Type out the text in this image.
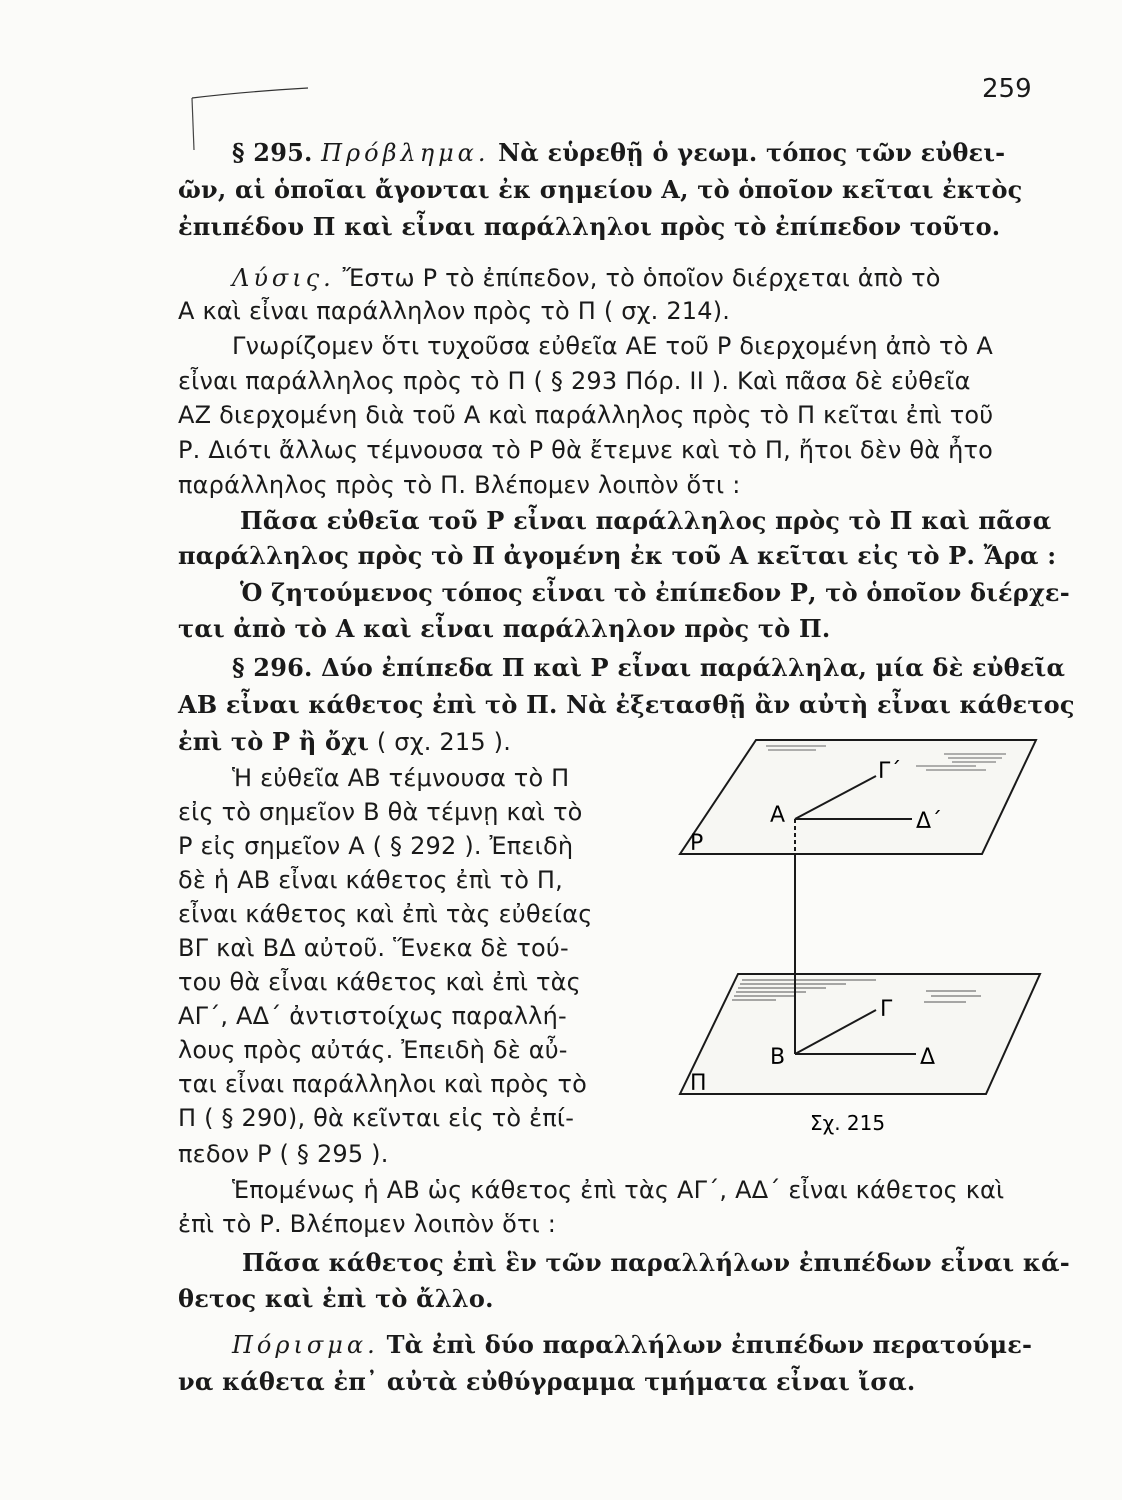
259
§ 295. Πρόβλημα. Νὰ εὑρεθῇ ὁ γεωμ. τόπος τῶν εὐθει-
ῶν, αἱ ὁποῖαι ἄγονται ἐκ σημείου Α, τὸ ὁποῖον κεῖται ἐκτὸς
ἐπιπέδου Π καὶ εἶναι παράλληλοι πρὸς τὸ ἐπίπεδον τοῦτο.
Λύσις. Ἔστω Ρ τὸ ἐπίπεδον, τὸ ὁποῖον διέρχεται ἀπὸ τὸ
Α καὶ εἶναι παράλληλον πρὸς τὸ Π ( σχ. 214).
Γνωρίζομεν ὅτι τυχοῦσα εὐθεῖα ΑΕ τοῦ Ρ διερχομένη ἀπὸ τὸ Α
εἶναι παράλληλος πρὸς τὸ Π ( § 293 Πόρ. ΙΙ ). Καὶ πᾶσα δὲ εὐθεῖα
ΑΖ διερχομένη διὰ τοῦ Α καὶ παράλληλος πρὸς τὸ Π κεῖται ἐπὶ τοῦ
Ρ. Διότι ἄλλως τέμνουσα τὸ Ρ θὰ ἔτεμνε καὶ τὸ Π, ἤτοι δὲν θὰ ἦτο
παράλληλος πρὸς τὸ Π. Βλέπομεν λοιπὸν ὅτι :
Πᾶσα εὐθεῖα τοῦ Ρ εἶναι παράλληλος πρὸς τὸ Π καὶ πᾶσα
παράλληλος πρὸς τὸ Π ἀγομένη ἐκ τοῦ Α κεῖται εἰς τὸ Ρ. Ἄρα :
Ὁ ζητούμενος τόπος εἶναι τὸ ἐπίπεδον Ρ, τὸ ὁποῖον διέρχε-
ται ἀπὸ τὸ Α καὶ εἶναι παράλληλον πρὸς τὸ Π.
§ 296. Δύο ἐπίπεδα Π καὶ Ρ εἶναι παράλληλα, μία δὲ εὐθεῖα
ΑΒ εἶναι κάθετος ἐπὶ τὸ Π. Νὰ ἐξετασθῇ ἂν αὐτὴ εἶναι κάθετος
ἐπὶ τὸ Ρ ἢ ὄχι ( σχ. 215 ).
Ἡ εὐθεῖα ΑΒ τέμνουσα τὸ Π
εἰς τὸ σημεῖον Β θὰ τέμνῃ καὶ τὸ
Ρ εἰς σημεῖον Α ( § 292 ). Ἐπειδὴ
δὲ ἡ ΑΒ εἶναι κάθετος ἐπὶ τὸ Π,
εἶναι κάθετος καὶ ἐπὶ τὰς εὐθείας
ΒΓ καὶ ΒΔ αὐτοῦ. Ἕνεκα δὲ τού-
του θὰ εἶναι κάθετος καὶ ἐπὶ τὰς
ΑΓ΄, ΑΔ΄ ἀντιστοίχως παραλλή-
λους πρὸς αὐτάς. Ἐπειδὴ δὲ αὖ-
ται εἶναι παράλληλοι καὶ πρὸς τὸ
Π ( § 290), θὰ κεῖνται εἰς τὸ ἐπί-
πεδον Ρ ( § 295 ).
Ρ
Α
Γ΄
Δ΄
Π
Β
Γ
Δ
Σχ. 215
Ἑπομένως ἡ ΑΒ ὡς κάθετος ἐπὶ τὰς ΑΓ΄, ΑΔ΄ εἶναι κάθετος καὶ
ἐπὶ τὸ Ρ. Βλέπομεν λοιπὸν ὅτι :
Πᾶσα κάθετος ἐπὶ ἓν τῶν παραλλήλων ἐπιπέδων εἶναι κά-
θετος καὶ ἐπὶ τὸ ἄλλο.
Πόρισμα. Τὰ ἐπὶ δύο παραλλήλων ἐπιπέδων περατούμε-
να κάθετα ἐπ᾽ αὐτὰ εὐθύγραμμα τμήματα εἶναι ἴσα.
